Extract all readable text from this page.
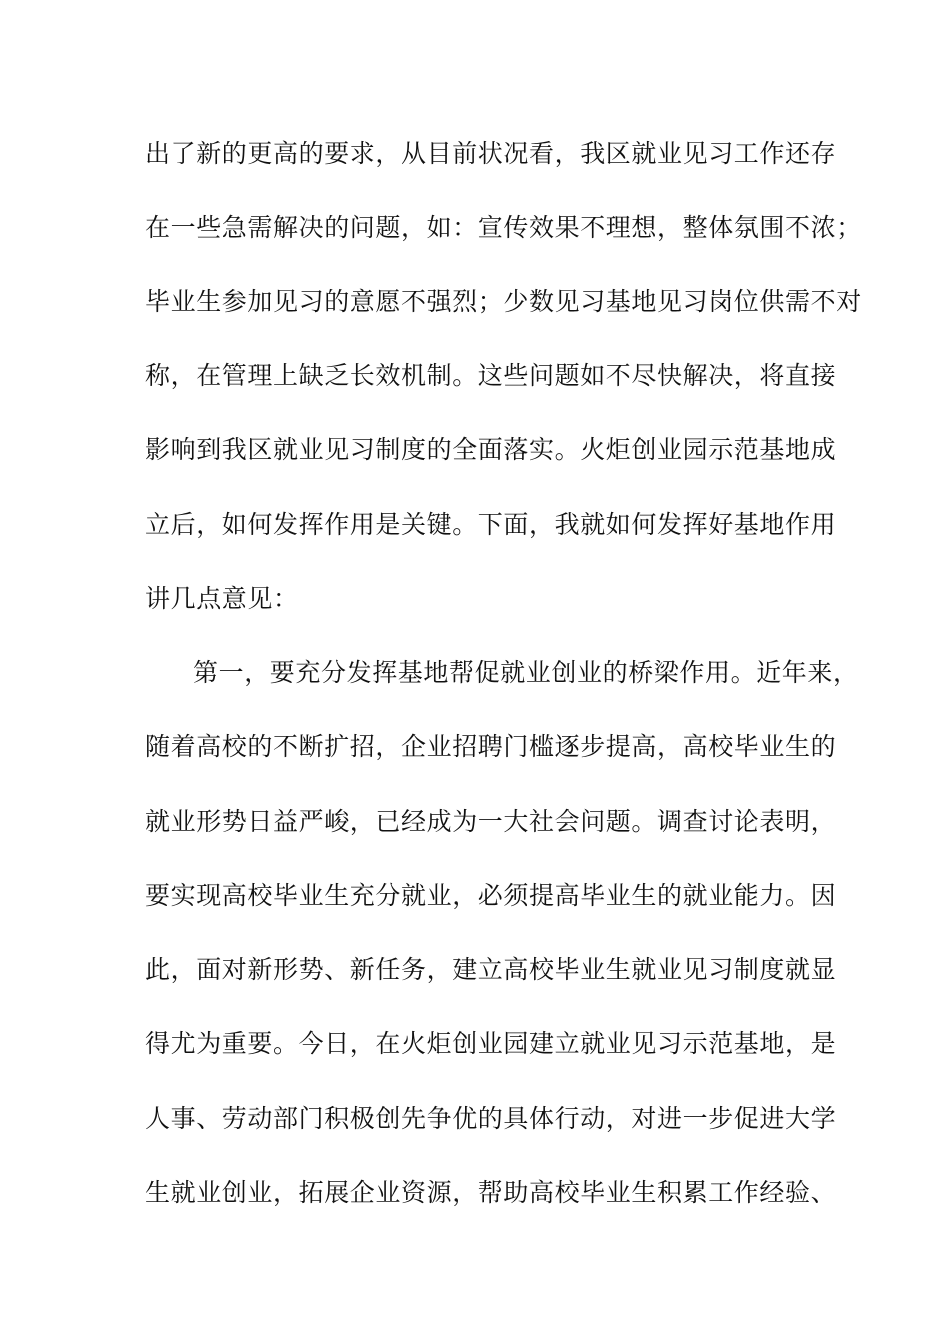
出了新的更高的要求，从目前状况看，我区就业见习工作还存
在一些急需解决的问题，如：宣传效果不理想，整体氛围不浓；
毕业生参加见习的意愿不强烈；少数见习基地见习岗位供需不对
称，在管理上缺乏长效机制。这些问题如不尽快解决，将直接
影响到我区就业见习制度的全面落实。火炬创业园示范基地成
立后，如何发挥作用是关键。下面，我就如何发挥好基地作用
讲几点意见：
第一，要充分发挥基地帮促就业创业的桥梁作用。近年来，
随着高校的不断扩招，企业招聘门槛逐步提高，高校毕业生的
就业形势日益严峻，已经成为一大社会问题。调查讨论表明，
要实现高校毕业生充分就业，必须提高毕业生的就业能力。因
此，面对新形势、新任务，建立高校毕业生就业见习制度就显
得尤为重要。今日，在火炬创业园建立就业见习示范基地，是
人事、劳动部门积极创先争优的具体行动，对进一步促进大学
生就业创业，拓展企业资源，帮助高校毕业生积累工作经验、
